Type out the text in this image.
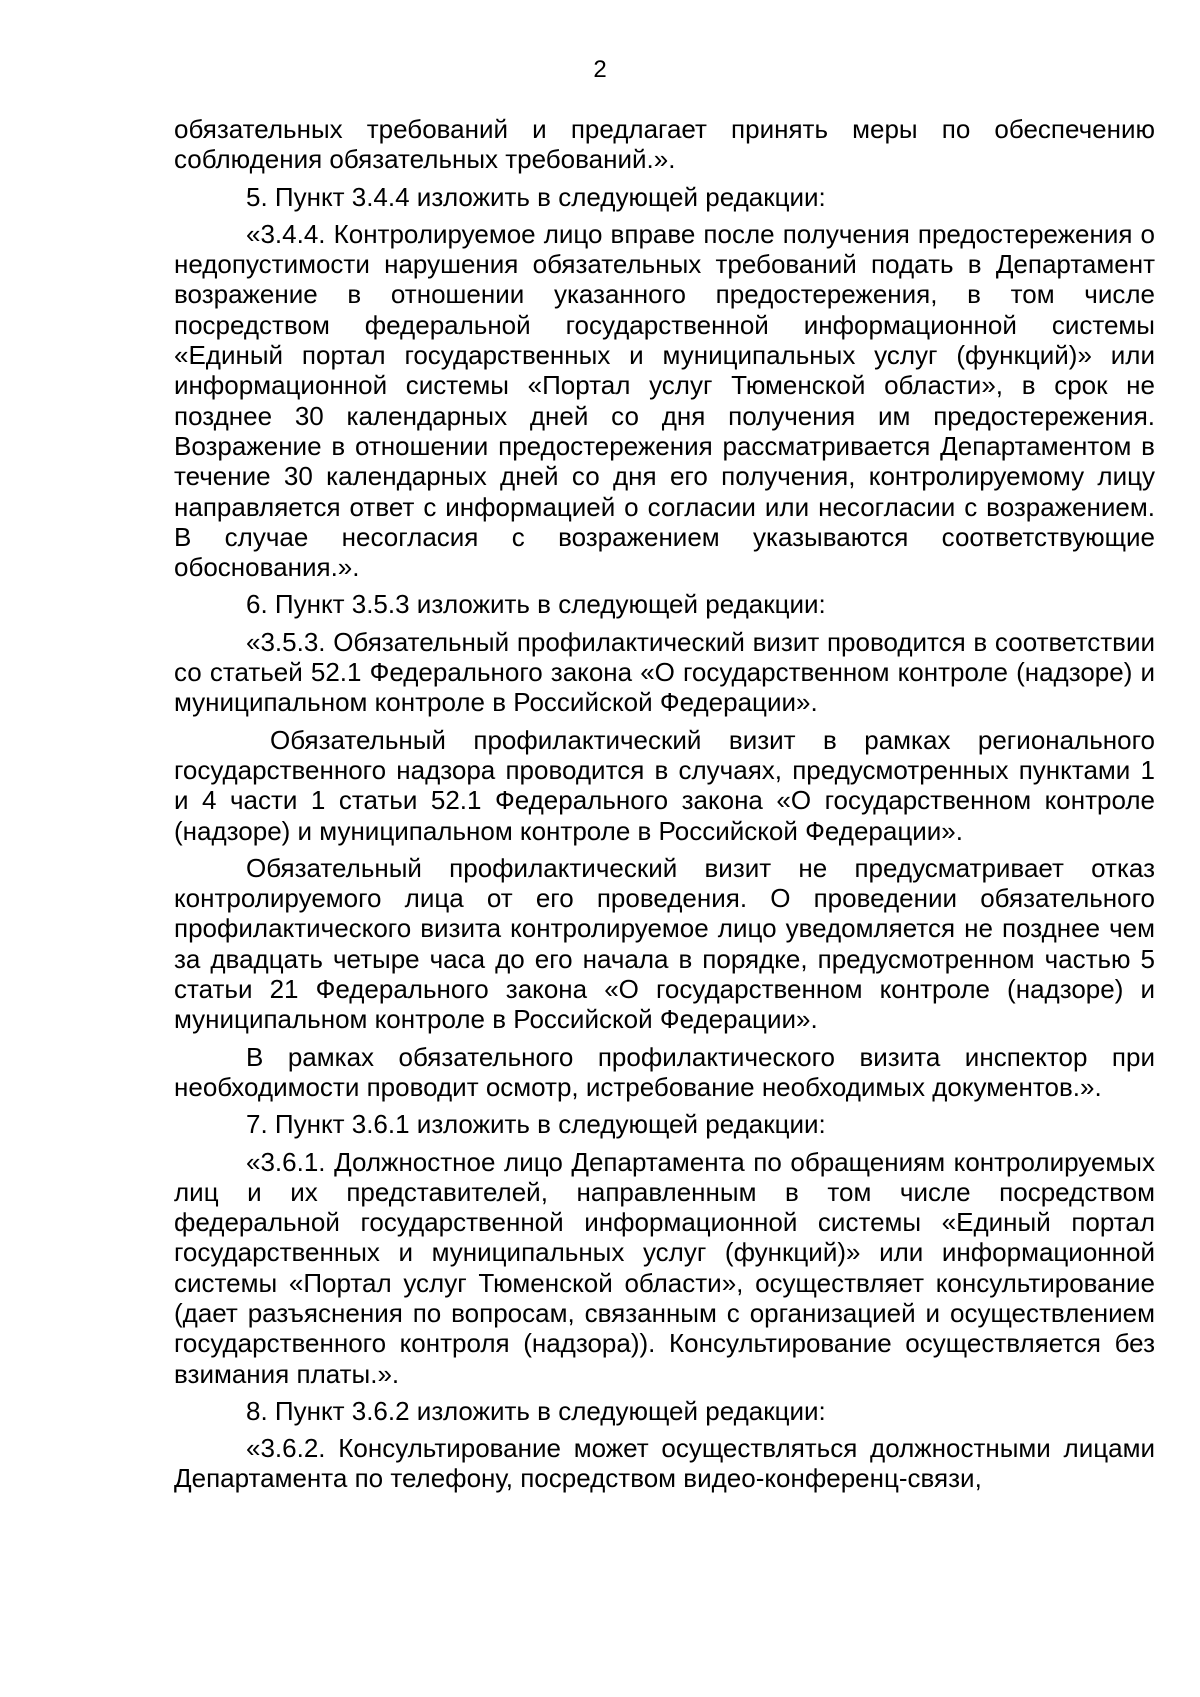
2

обязательных требований и предлагает принять меры по обеспечению соблюдения обязательных требований.».

5. Пункт 3.4.4 изложить в следующей редакции:

«3.4.4. Контролируемое лицо вправе после получения предостережения о недопустимости нарушения обязательных требований подать в Департамент возражение в отношении указанного предостережения, в том числе посредством федеральной государственной информационной системы «Единый портал государственных и муниципальных услуг (функций)» или информационной системы «Портал услуг Тюменской области», в срок не позднее 30 календарных дней со дня получения им предостережения. Возражение в отношении предостережения рассматривается Департаментом в течение 30 календарных дней со дня его получения, контролируемому лицу направляется ответ с информацией о согласии или несогласии с возражением. В случае несогласия с возражением указываются соответствующие обоснования.».

6. Пункт 3.5.3 изложить в следующей редакции:

«3.5.3. Обязательный профилактический визит проводится в соответствии со статьей 52.1 Федерального закона «О государственном контроле (надзоре) и муниципальном контроле в Российской Федерации».

Обязательный профилактический визит в рамках регионального государственного надзора проводится в случаях, предусмотренных пунктами 1 и 4 части 1 статьи 52.1 Федерального закона «О государственном контроле (надзоре) и муниципальном контроле в Российской Федерации».

Обязательный профилактический визит не предусматривает отказ контролируемого лица от его проведения. О проведении обязательного профилактического визита контролируемое лицо уведомляется не позднее чем за двадцать четыре часа до его начала в порядке, предусмотренном частью 5 статьи 21 Федерального закона «О государственном контроле (надзоре) и муниципальном контроле в Российской Федерации».

В рамках обязательного профилактического визита инспектор при необходимости проводит осмотр, истребование необходимых документов.».

7. Пункт 3.6.1 изложить в следующей редакции:

«3.6.1. Должностное лицо Департамента по обращениям контролируемых лиц и их представителей, направленным в том числе посредством федеральной государственной информационной системы «Единый портал государственных и муниципальных услуг (функций)» или информационной системы «Портал услуг Тюменской области», осуществляет консультирование (дает разъяснения по вопросам, связанным с организацией и осуществлением государственного контроля (надзора)). Консультирование осуществляется без взимания платы.».

8. Пункт 3.6.2 изложить в следующей редакции:

«3.6.2. Консультирование может осуществляться должностными лицами Департамента по телефону, посредством видео-конференц-связи,
